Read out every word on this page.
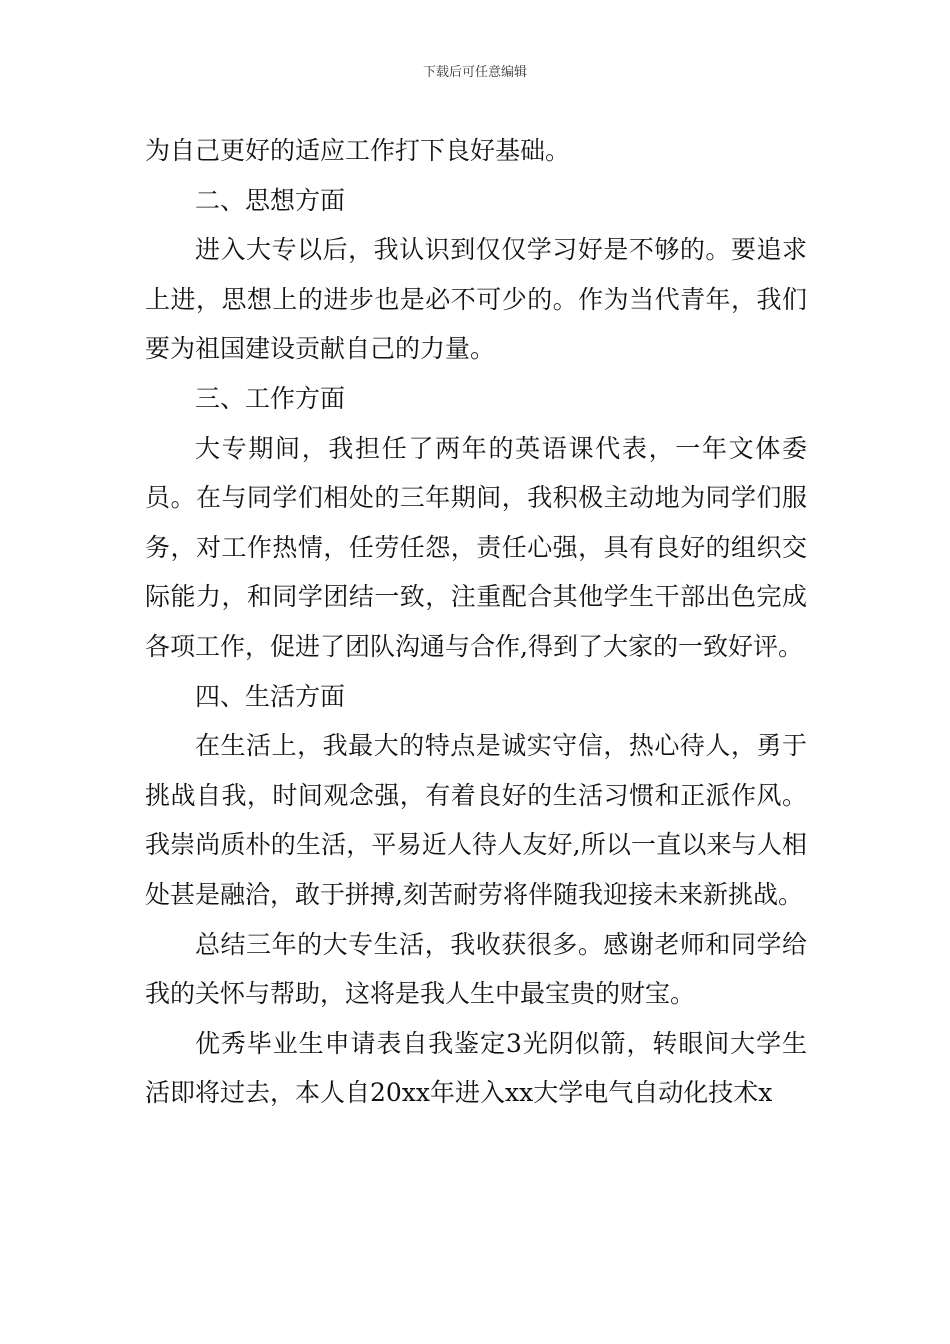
下载后可任意编辑

为自己更好的适应工作打下良好基础。

二、思想方面

进入大专以后，我认识到仅仅学习好是不够的。要追求上进，思想上的进步也是必不可少的。作为当代青年，我们要为祖国建设贡献自己的力量。

三、工作方面

大专期间，我担任了两年的英语课代表，一年文体委员。在与同学们相处的三年期间，我积极主动地为同学们服务，对工作热情，任劳任怨，责任心强，具有良好的组织交际能力，和同学团结一致，注重配合其他学生干部出色完成各项工作，促进了团队沟通与合作,得到了大家的一致好评。

四、生活方面

在生活上，我最大的特点是诚实守信，热心待人，勇于挑战自我，时间观念强，有着良好的生活习惯和正派作风。我崇尚质朴的生活，平易近人待人友好,所以一直以来与人相处甚是融洽，敢于拼搏,刻苦耐劳将伴随我迎接未来新挑战。

总结三年的大专生活，我收获很多。感谢老师和同学给我的关怀与帮助，这将是我人生中最宝贵的财宝。

优秀毕业生申请表自我鉴定3光阴似箭，转眼间大学生活即将过去，本人自20xx年进入xx大学电气自动化技术x
